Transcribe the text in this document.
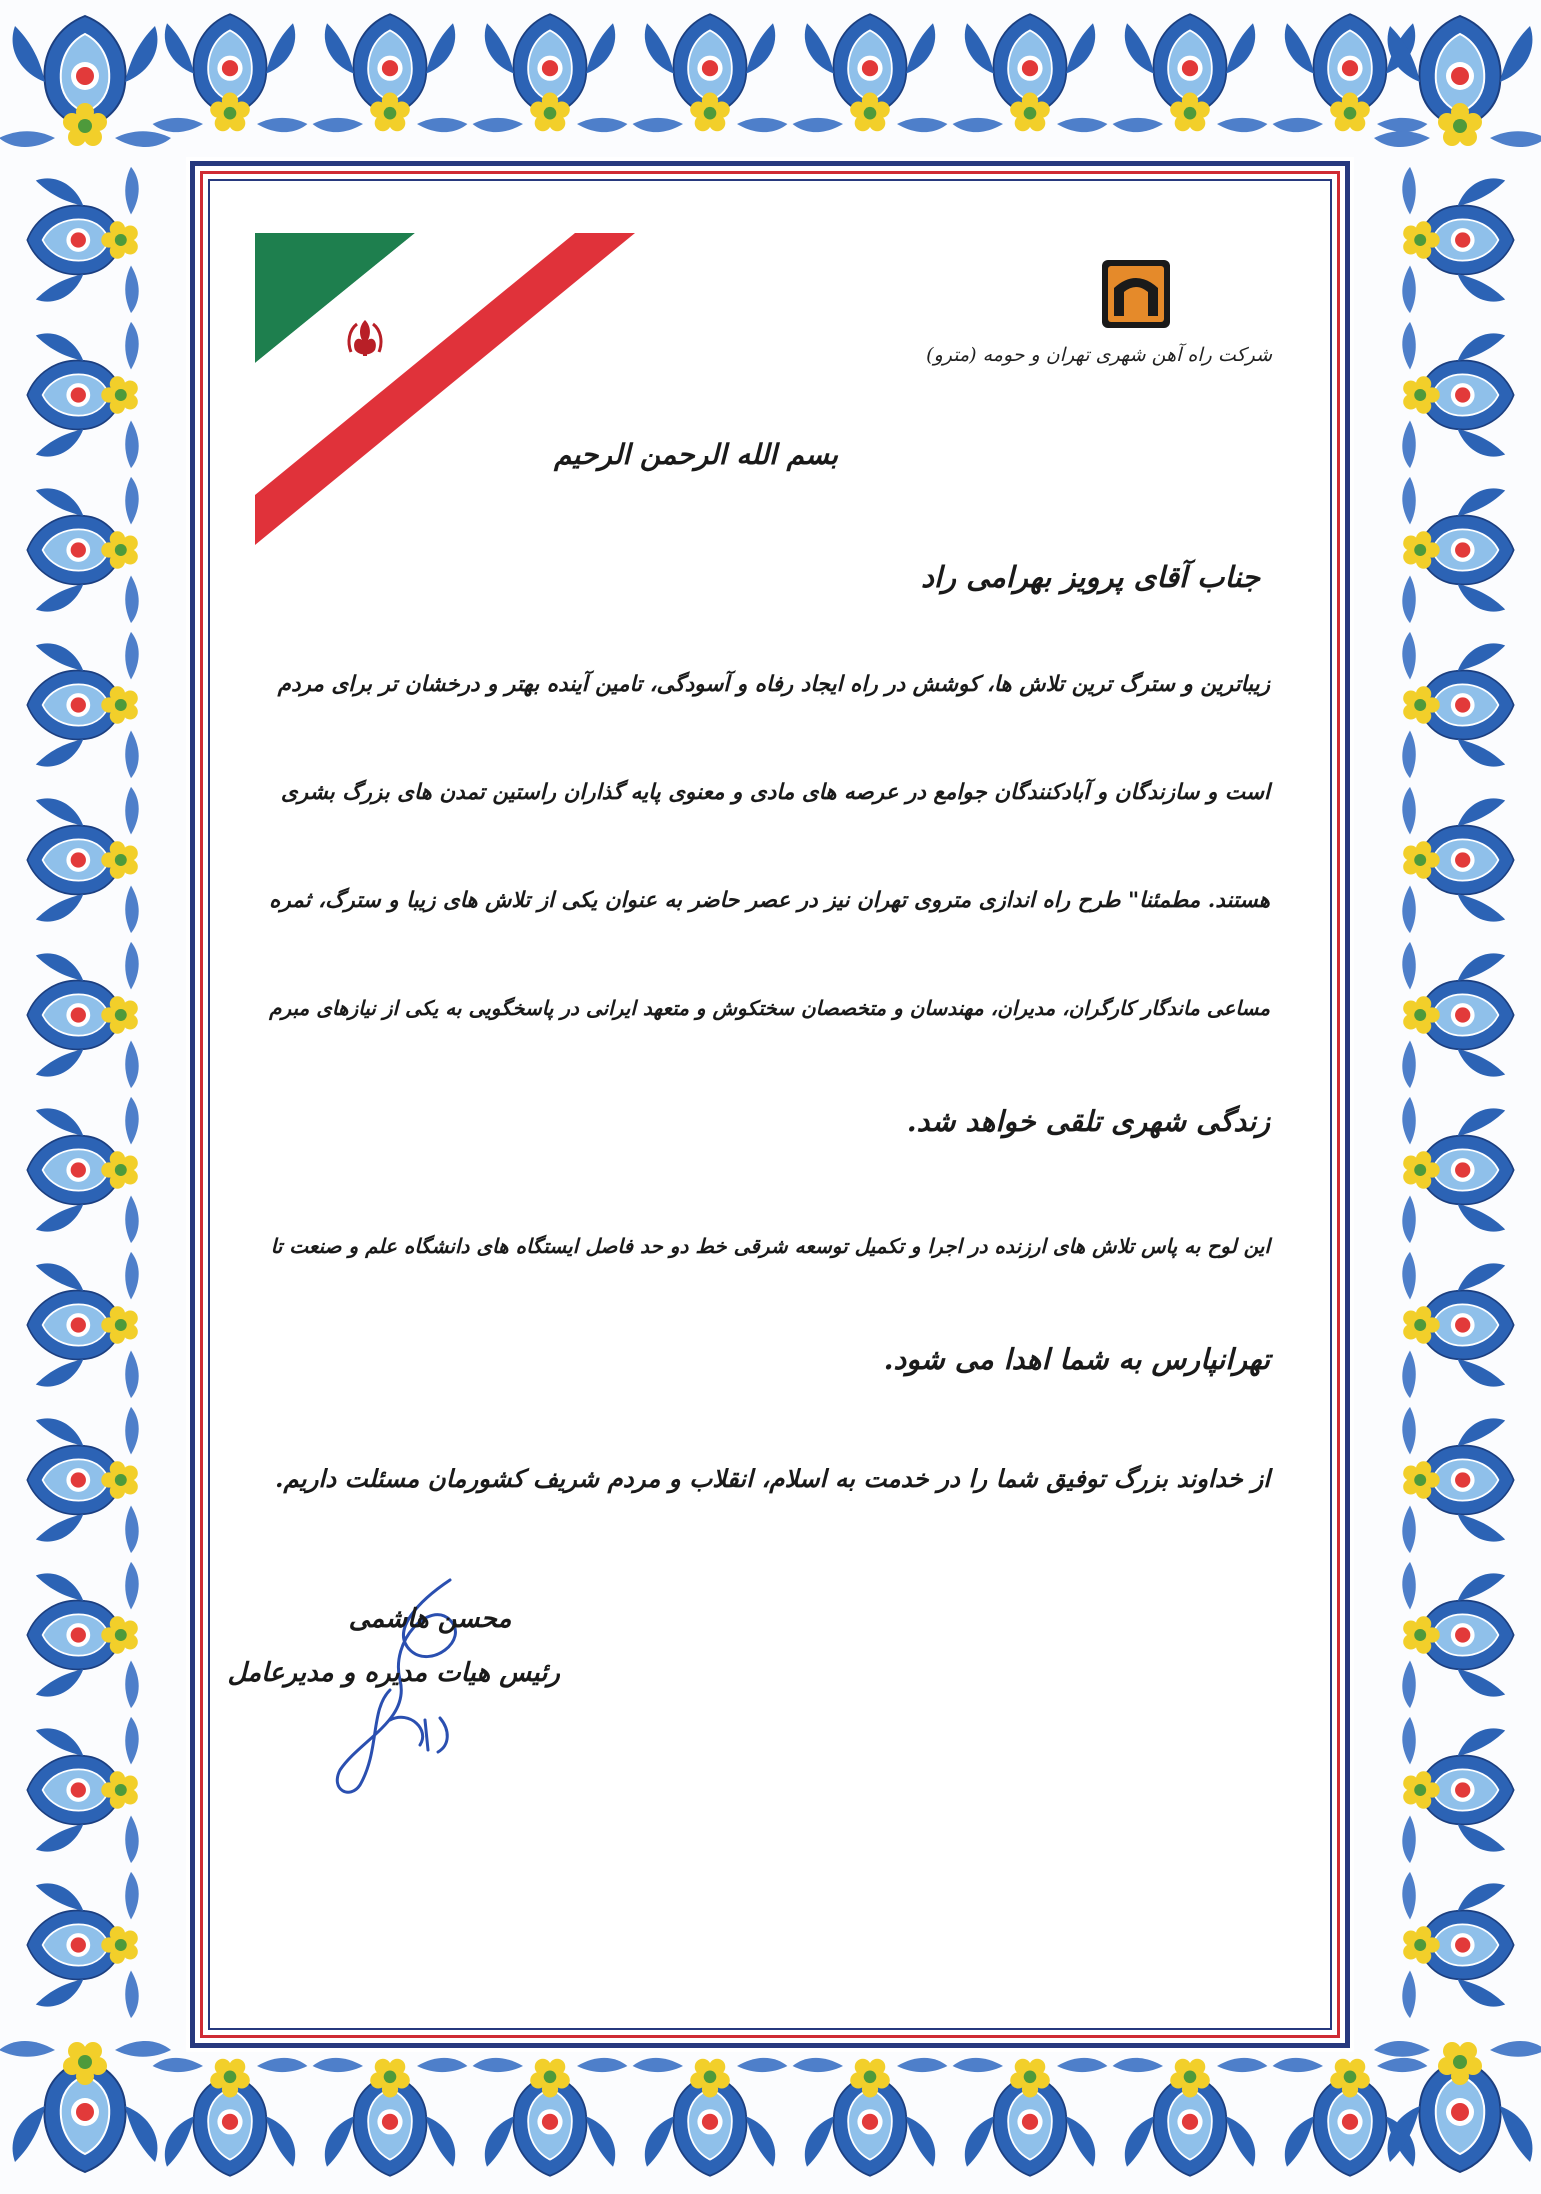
شرکت راه آهن شهری تهران و حومه (مترو)
بسم الله الرحمن الرحیم
جناب آقای پرویز بهرامی راد
زیباترین و سترگ ترین تلاش ها، کوشش در راه ایجاد رفاه و آسودگی، تامین آینده بهتر و درخشان تر برای مردم
است و سازندگان و آبادکنندگان جوامع در عرصه های مادی و معنوی پایه گذاران راستین تمدن های بزرگ بشری
هستند. مطمئنا" طرح راه اندازی متروی تهران نیز در عصر حاضر به عنوان یکی از تلاش های زیبا و سترگ، ثمره
مساعی ماندگار کارگران، مدیران، مهندسان و متخصصان سختکوش و متعهد ایرانی در پاسخگویی به یکی از نیازهای مبرم
زندگی شهری تلقی خواهد شد.
این لوح به پاس تلاش های ارزنده در اجرا و تکمیل توسعه شرقی خط دو حد فاصل ایستگاه های دانشگاه علم و صنعت تا
تهرانپارس به شما اهدا می شود.
از خداوند بزرگ توفیق شما را در خدمت به اسلام، انقلاب و مردم شریف کشورمان مسئلت داریم.
محسن هاشمی
رئیس هیات مدیره و مدیرعامل
